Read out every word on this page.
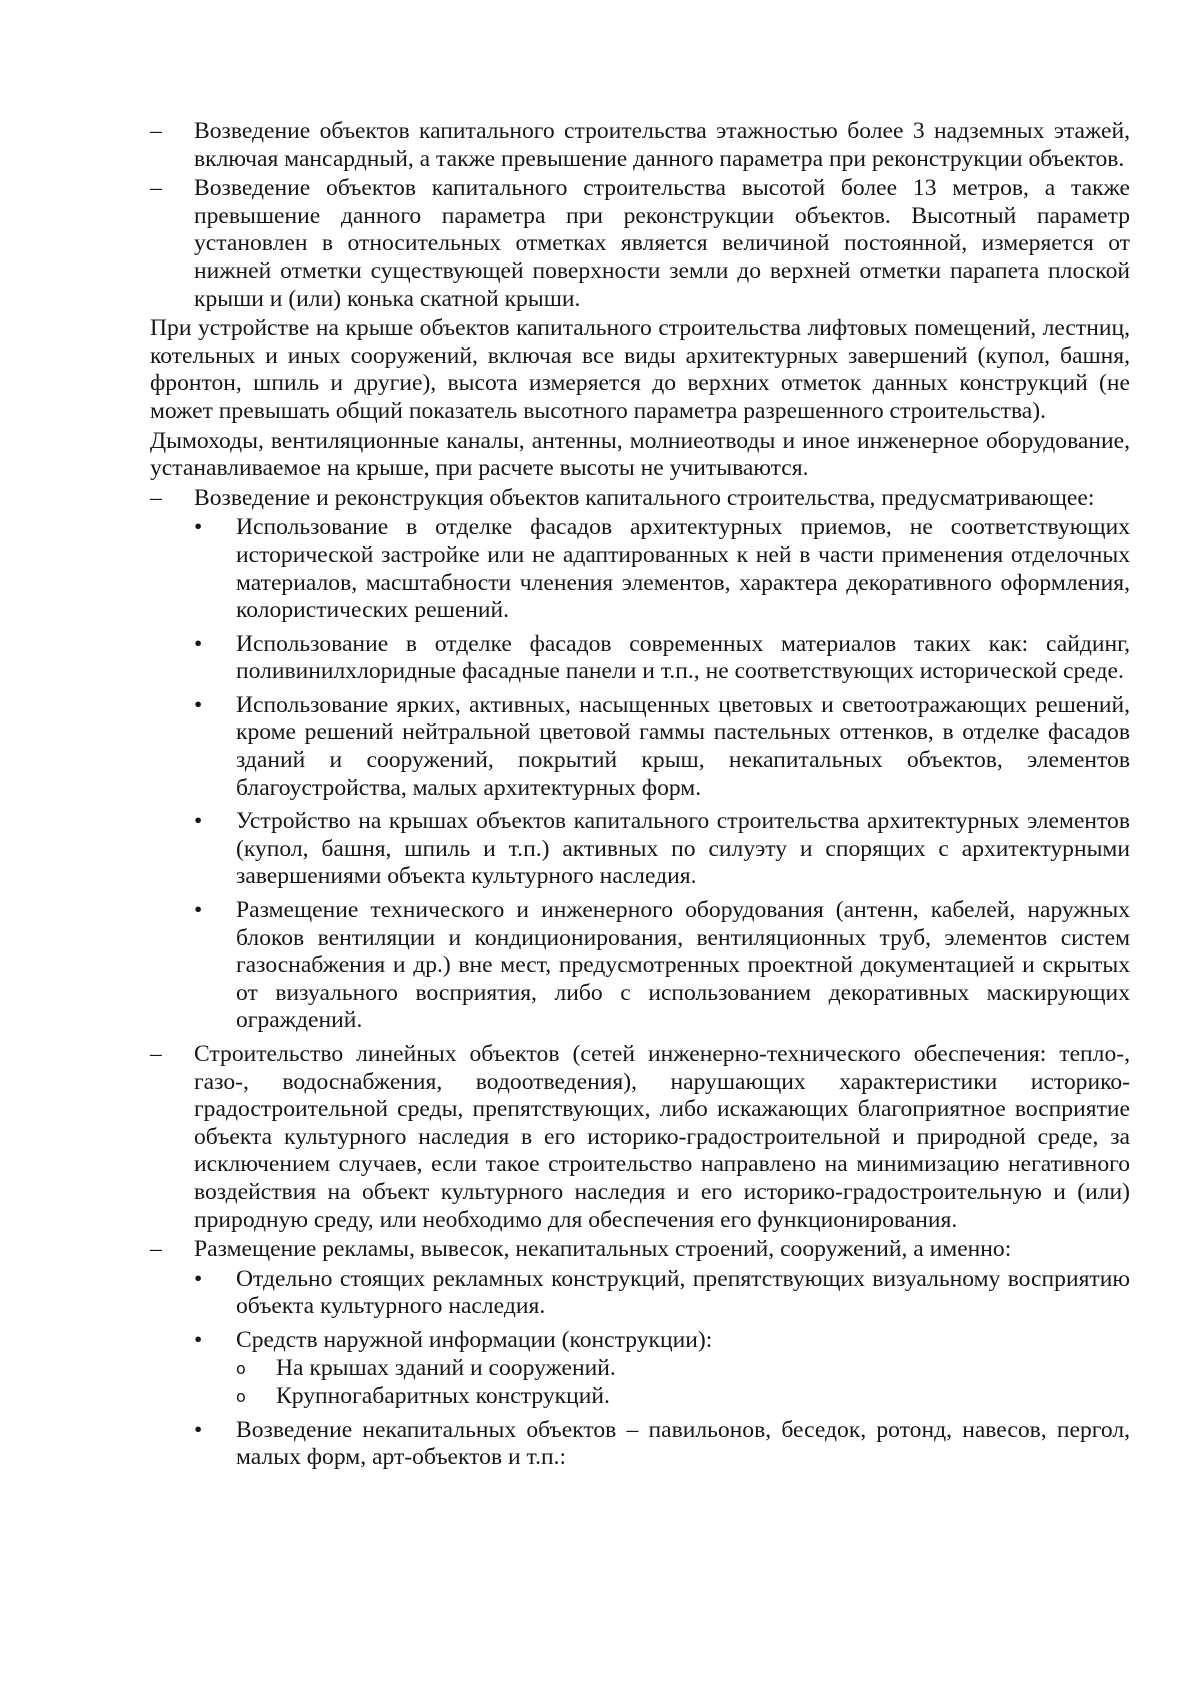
–	Возведение объектов капитального строительства этажностью более 3 надземных этажей, включая мансардный, а также превышение данного параметра при реконструкции объектов.
–	Возведение объектов капитального строительства высотой более 13 метров, а также превышение данного параметра при реконструкции объектов. Высотный параметр установлен в относительных отметках является величиной постоянной, измеряется от нижней отметки существующей поверхности земли до верхней отметки парапета плоской крыши и (или) конька скатной крыши.
При устройстве на крыше объектов капитального строительства лифтовых помещений, лестниц, котельных и иных сооружений, включая все виды архитектурных завершений (купол, башня, фронтон, шпиль и другие), высота измеряется до верхних отметок данных конструкций (не может превышать общий показатель высотного параметра разрешенного строительства).
Дымоходы, вентиляционные каналы, антенны, молниеотводы и иное инженерное оборудование, устанавливаемое на крыше, при расчете высоты не учитываются.
–	Возведение и реконструкция объектов капитального строительства, предусматривающее:
•	Использование в отделке фасадов архитектурных приемов, не соответствующих исторической застройке или не адаптированных к ней в части применения отделочных материалов, масштабности членения элементов, характера декоративного оформления, колористических решений.
•	Использование в отделке фасадов современных материалов таких как: сайдинг, поливинилхлоридные фасадные панели и т.п., не соответствующих исторической среде.
•	Использование ярких, активных, насыщенных цветовых и светоотражающих решений, кроме решений нейтральной цветовой гаммы пастельных оттенков, в отделке фасадов зданий и сооружений, покрытий крыш, некапитальных объектов, элементов благоустройства, малых архитектурных форм.
•	Устройство на крышах объектов капитального строительства архитектурных элементов (купол, башня, шпиль и т.п.) активных по силуэту и спорящих с архитектурными завершениями объекта культурного наследия.
•	Размещение технического и инженерного оборудования (антенн, кабелей, наружных блоков вентиляции и кондиционирования, вентиляционных труб, элементов систем газоснабжения и др.) вне мест, предусмотренных проектной документацией и скрытых от визуального восприятия, либо с использованием декоративных маскирующих ограждений.
–	Строительство линейных объектов (сетей инженерно-технического обеспечения: тепло-, газо-, водоснабжения, водоотведения), нарушающих характеристики историко-градостроительной среды, препятствующих, либо искажающих благоприятное восприятие объекта культурного наследия в его историко-градостроительной и природной среде, за исключением случаев, если такое строительство направлено на минимизацию негативного воздействия на объект культурного наследия и его историко-градостроительную и (или) природную среду, или необходимо для обеспечения его функционирования.
–	Размещение рекламы, вывесок, некапитальных строений, сооружений, а именно:
•	Отдельно стоящих рекламных конструкций, препятствующих визуальному восприятию объекта культурного наследия.
•	Средств наружной информации (конструкции):
o	На крышах зданий и сооружений.
o	Крупногабаритных конструкций.
•	Возведение некапитальных объектов – павильонов, беседок, ротонд, навесов, пергол, малых форм, арт-объектов и т.п.:
